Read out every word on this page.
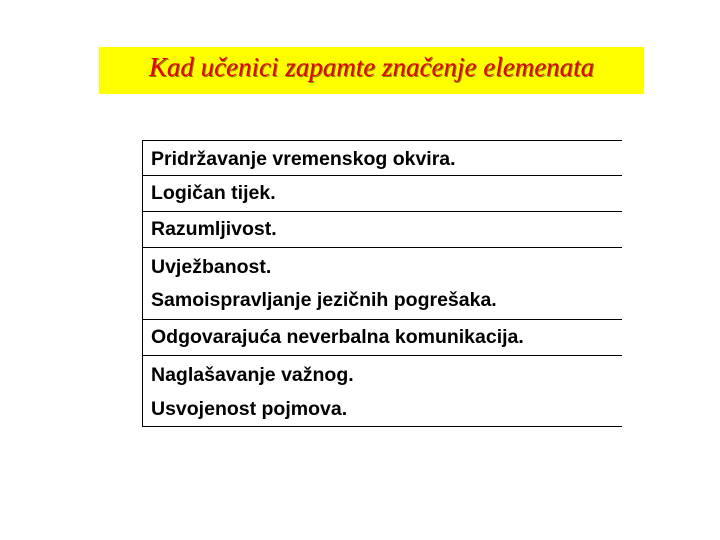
Kad učenici zapamte značenje elemenata
Pridržavanje vremenskog okvira.
Logičan tijek.
Razumljivost.
Uvježbanost.
Samoispravljanje jezičnih pogrešaka.
Odgovarajuća neverbalna komunikacija.
Naglašavanje važnog.
Usvojenost pojmova.
